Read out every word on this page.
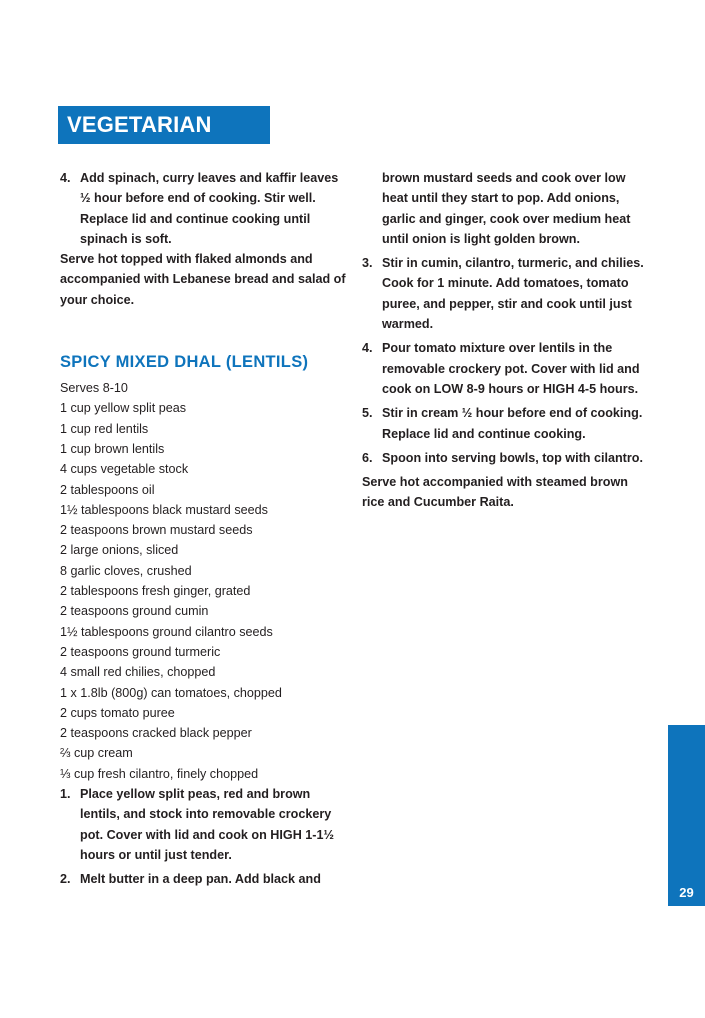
VEGETARIAN cont'd
4. Add spinach, curry leaves and kaffir leaves ½ hour before end of cooking. Stir well. Replace lid and continue cooking until spinach is soft.

Serve hot topped with flaked almonds and accompanied with Lebanese bread and salad of your choice.

SPICY MIXED DHAL (LENTILS)

Serves 8-10

1 cup yellow split peas

1 cup red lentils

1 cup brown lentils

4 cups vegetable stock

2 tablespoons oil

1½ tablespoons black mustard seeds

2 teaspoons brown mustard seeds

2 large onions, sliced

8 garlic cloves, crushed

2 tablespoons fresh ginger, grated

2 teaspoons ground cumin

1½ tablespoons ground cilantro seeds

2 teaspoons ground turmeric

4 small red chilies, chopped

1 x 1.8lb (800g) can tomatoes, chopped

2 cups tomato puree

2 teaspoons cracked black pepper

⅔ cup cream

⅓ cup fresh cilantro, finely chopped

1. Place yellow split peas, red and brown lentils, and stock into removable crockery pot. Cover with lid and cook on HIGH 1-1½ hours or until just tender.
2. Melt butter in a deep pan. Add black and

brown mustard seeds and cook over low heat until they start to pop. Add onions, garlic and ginger, cook over medium heat until onion is light golden brown.

3. Stir in cumin, cilantro, turmeric, and chilies. Cook for 1 minute. Add tomatoes, tomato puree, and pepper, stir and cook until just warmed.
4. Pour tomato mixture over lentils in the removable crockery pot. Cover with lid and cook on LOW 8-9 hours or HIGH 4-5 hours.
5. Stir in cream ½ hour before end of cooking. Replace lid and continue cooking.
6. Spoon into serving bowls, top with cilantro.

Serve hot accompanied with steamed brown rice and Cucumber Raita.

29
